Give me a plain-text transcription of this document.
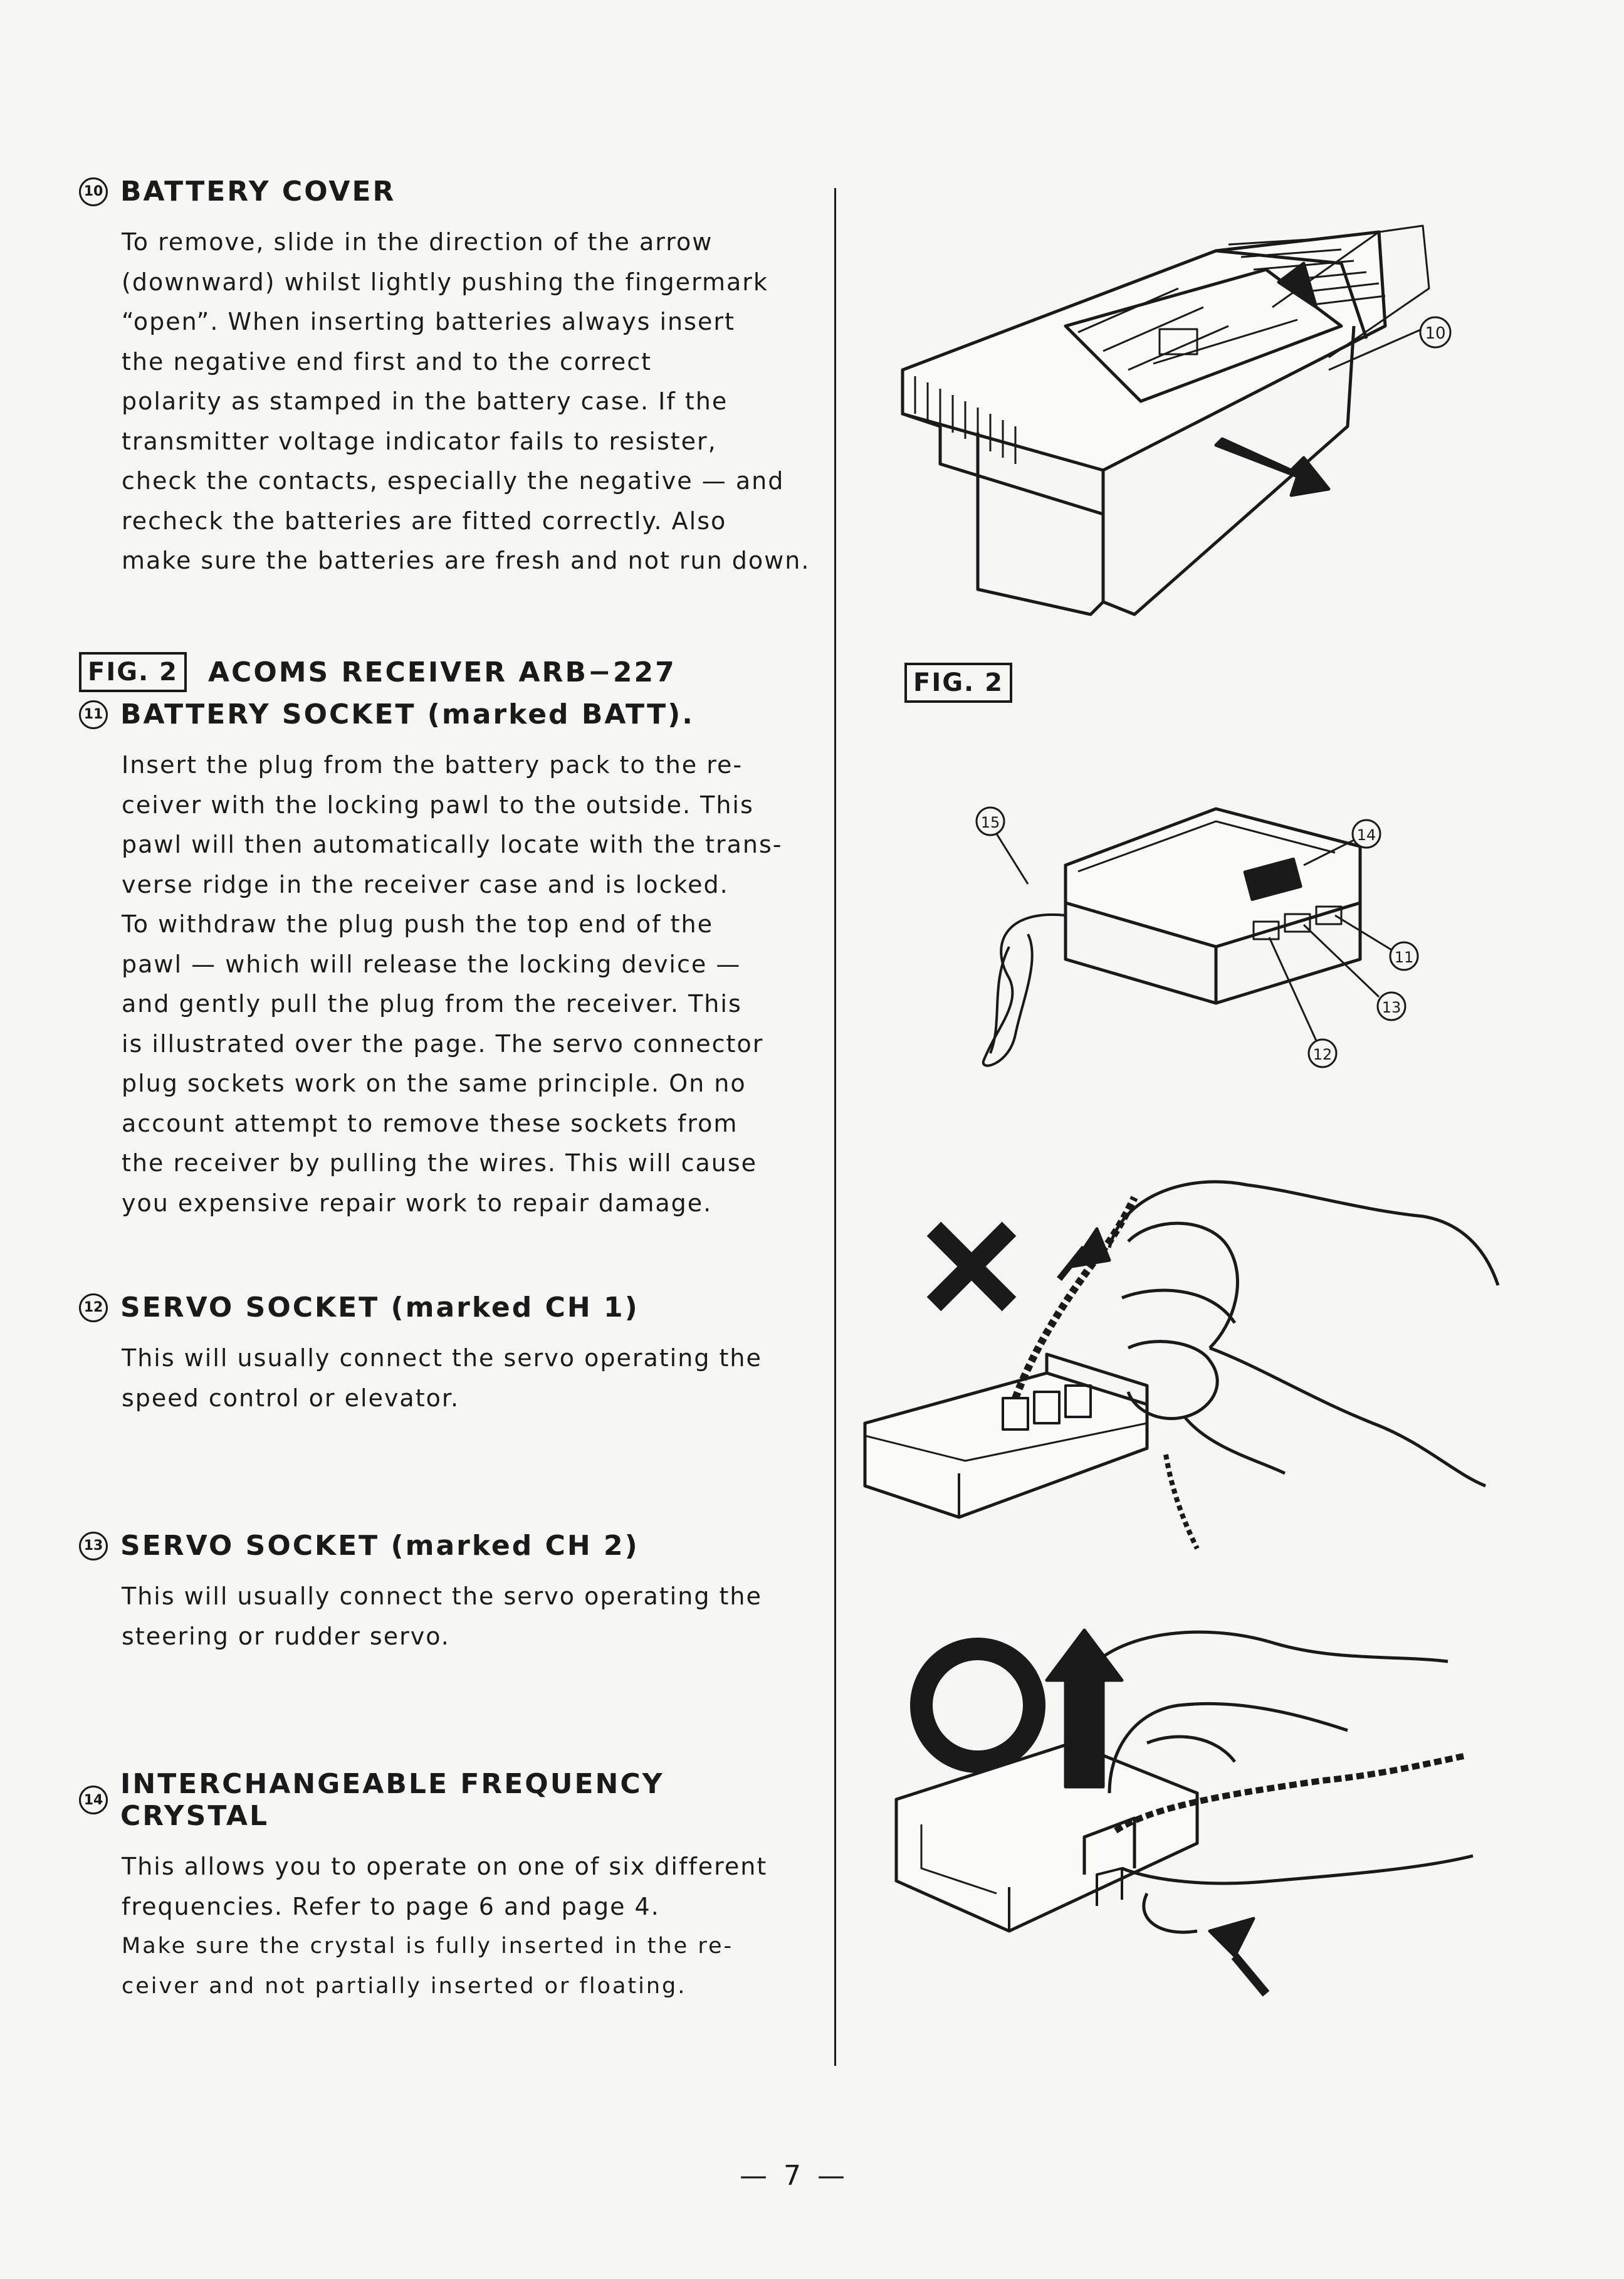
10 BATTERY COVER

To remove, slide in the direction of the arrow

(downward) whilst lightly pushing the fingermark

“open”. When inserting batteries always insert

the negative end first and to the correct

polarity as stamped in the battery case. If the

transmitter voltage indicator fails to resister,

check the contacts, especially the negative — and

recheck the batteries are fitted correctly. Also

make sure the batteries are fresh and not run down.

FIG. 2	ACOMS RECEIVER ARB−227
11 BATTERY SOCKET (marked BATT).

Insert the plug from the battery pack to the re-

ceiver with the locking pawl to the outside. This

pawl will then automatically locate with the trans-

verse ridge in the receiver case and is locked.

To withdraw the plug push the top end of the

pawl — which will release the locking device —

and gently pull the plug from the receiver. This

is illustrated over the page. The servo connector

plug sockets work on the same principle. On no

account attempt to remove these sockets from

the receiver by pulling the wires. This will cause

you expensive repair work to repair damage.

12 SERVO SOCKET (marked CH 1)

This will usually connect the servo operating the

speed control or elevator.

13 SERVO SOCKET (marked CH 2)

This will usually connect the servo operating the

steering or rudder servo.

14 INTERCHANGEABLE FREQUENCY CRYSTAL

This allows you to operate on one of six different

frequencies. Refer to page 6 and page 4.

Make sure the crystal is fully inserted in the re-

ceiver and not partially inserted or floating.

10
FIG. 2
15
14
11
13
12
— 7 —
